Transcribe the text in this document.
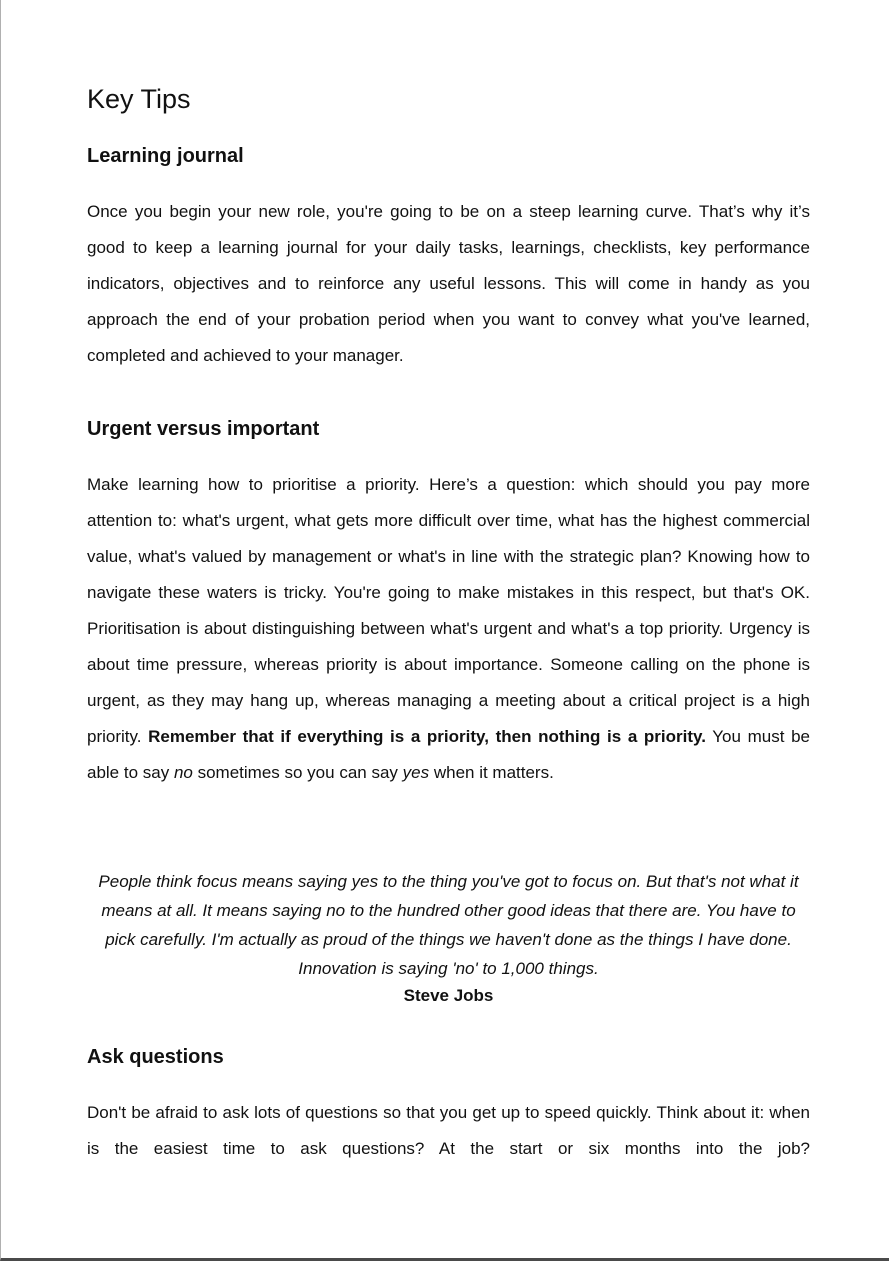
Key Tips
Learning journal

Once you begin your new role, you're going to be on a steep learning curve. That’s why it’s good to keep a learning journal for your daily tasks, learnings, checklists, key performance indicators, objectives and to reinforce any useful lessons. This will come in handy as you approach the end of your probation period when you want to convey what you've learned, completed and achieved to your manager.

Urgent versus important

Make learning how to prioritise a priority. Here’s a question: which should you pay more attention to: what's urgent, what gets more difficult over time, what has the highest commercial value, what's valued by management or what's in line with the strategic plan? Knowing how to navigate these waters is tricky. You're going to make mistakes in this respect, but that's OK. Prioritisation is about distinguishing between what's urgent and what's a top priority. Urgency is about time pressure, whereas priority is about importance. Someone calling on the phone is urgent, as they may hang up, whereas managing a meeting about a critical project is a high priority. Remember that if everything is a priority, then nothing is a priority. You must be able to say no sometimes so you can say yes when it matters.

People think focus means saying yes to the thing you've got to focus on. But that's not what it means at all. It means saying no to the hundred other good ideas that there are. You have to pick carefully. I'm actually as proud of the things we haven't done as the things I have done. Innovation is saying 'no' to 1,000 things.

Steve Jobs
Ask questions

Don't be afraid to ask lots of questions so that you get up to speed quickly. Think about it: when is the easiest time to ask questions? At the start or six months into the job?
